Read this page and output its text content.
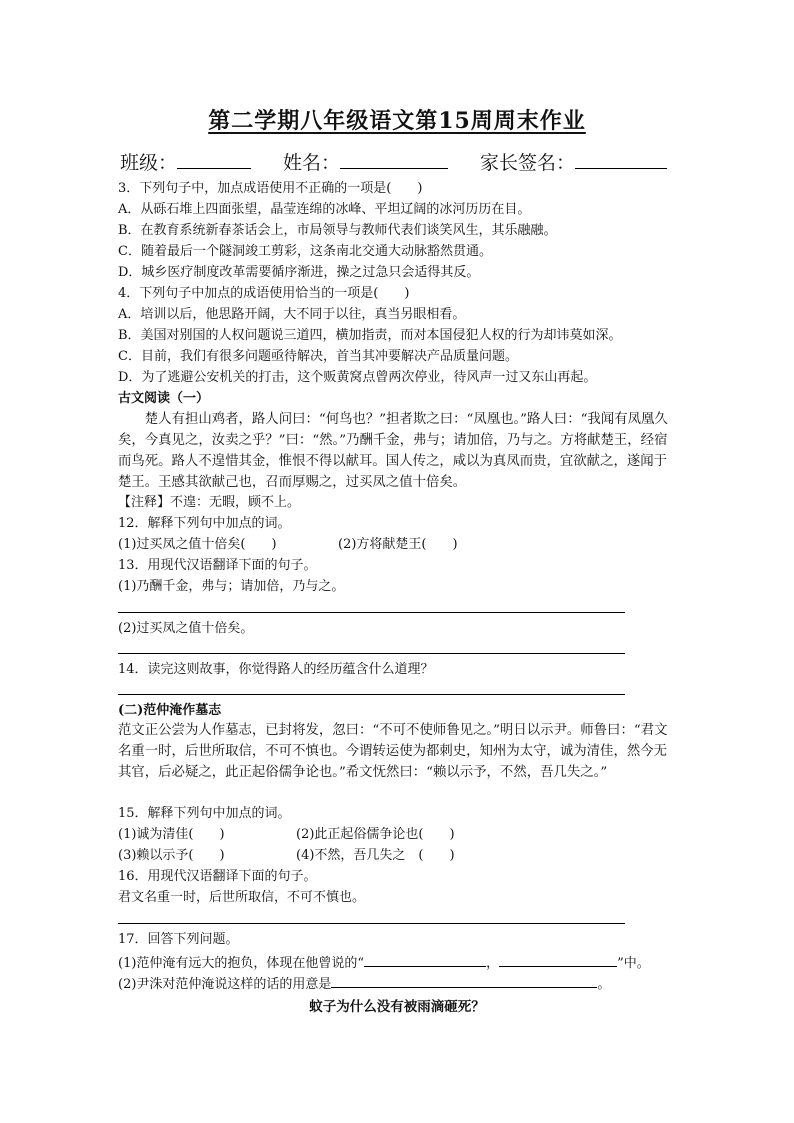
第二学期八年级语文第15周周末作业
班级：	姓名：	家长签名：
3．下列句子中，加点成语使用不正确的一项是(　　)
A．从砾石堆上四面张望，晶莹连绵的冰峰、平坦辽阔的冰河历历在目。
B．在教育系统新春茶话会上，市局领导与教师代表们谈笑风生，其乐融融。
C．随着最后一个隧洞竣工剪彩，这条南北交通大动脉豁然贯通。
D．城乡医疗制度改革需要循序渐进，操之过急只会适得其反。
4．下列句子中加点的成语使用恰当的一项是(　　)
A．培训以后，他思路开阔，大不同于以往，真当另眼相看。
B．美国对别国的人权问题说三道四，横加指责，而对本国侵犯人权的行为却讳莫如深。
C．目前，我们有很多问题亟待解决，首当其冲要解决产品质量问题。
D．为了逃避公安机关的打击，这个贩黄窝点曾两次停业，待风声一过又东山再起。
古文阅读（一）
楚人有担山鸡者，路人问曰：“何鸟也？”担者欺之曰：“凤凰也。”路人曰：“我闻有凤凰久矣，今真见之，汝卖之乎？”曰：“然。”乃酬千金，弗与；请加倍，乃与之。方将献楚王，经宿而鸟死。路人不遑惜其金，惟恨不得以献耳。国人传之，咸以为真凤而贵，宜欲献之，遂闻于楚王。王感其欲献己也，召而厚赐之，过买凤之值十倍矣。
【注释】不遑：无暇，顾不上。
12．解释下列句中加点的词。
(1)过买凤之值十倍矣(　　)	(2)方将献楚王(　　)
13．用现代汉语翻译下面的句子。
(1)乃酬千金，弗与；请加倍，乃与之。
(2)过买凤之值十倍矣。
14．读完这则故事，你觉得路人的经历蕴含什么道理？
(二)范仲淹作墓志
范文正公尝为人作墓志，已封将发，忽曰：“不可不使师鲁见之。”明日以示尹。师鲁曰：“君文名重一时，后世所取信，不可不慎也。今谓转运使为都刺史，知州为太守，诚为清佳，然今无其官，后必疑之，此正起俗儒争论也。”希文怃然曰：“赖以示予，不然，吾几失之。”
15．解释下列句中加点的词。
(1)诚为清佳(　　)	(2)此正起俗儒争论也(　　)
(3)赖以示予(　　)	(4)不然，吾几失之　(　　)
16．用现代汉语翻译下面的句子。
君文名重一时，后世所取信，不可不慎也。
17．回答下列问题。
(1)范仲淹有远大的抱负，体现在他曾说的“	，	”中。
(2)尹洙对范仲淹说这样的话的用意是	。
蚊子为什么没有被雨滴砸死？
